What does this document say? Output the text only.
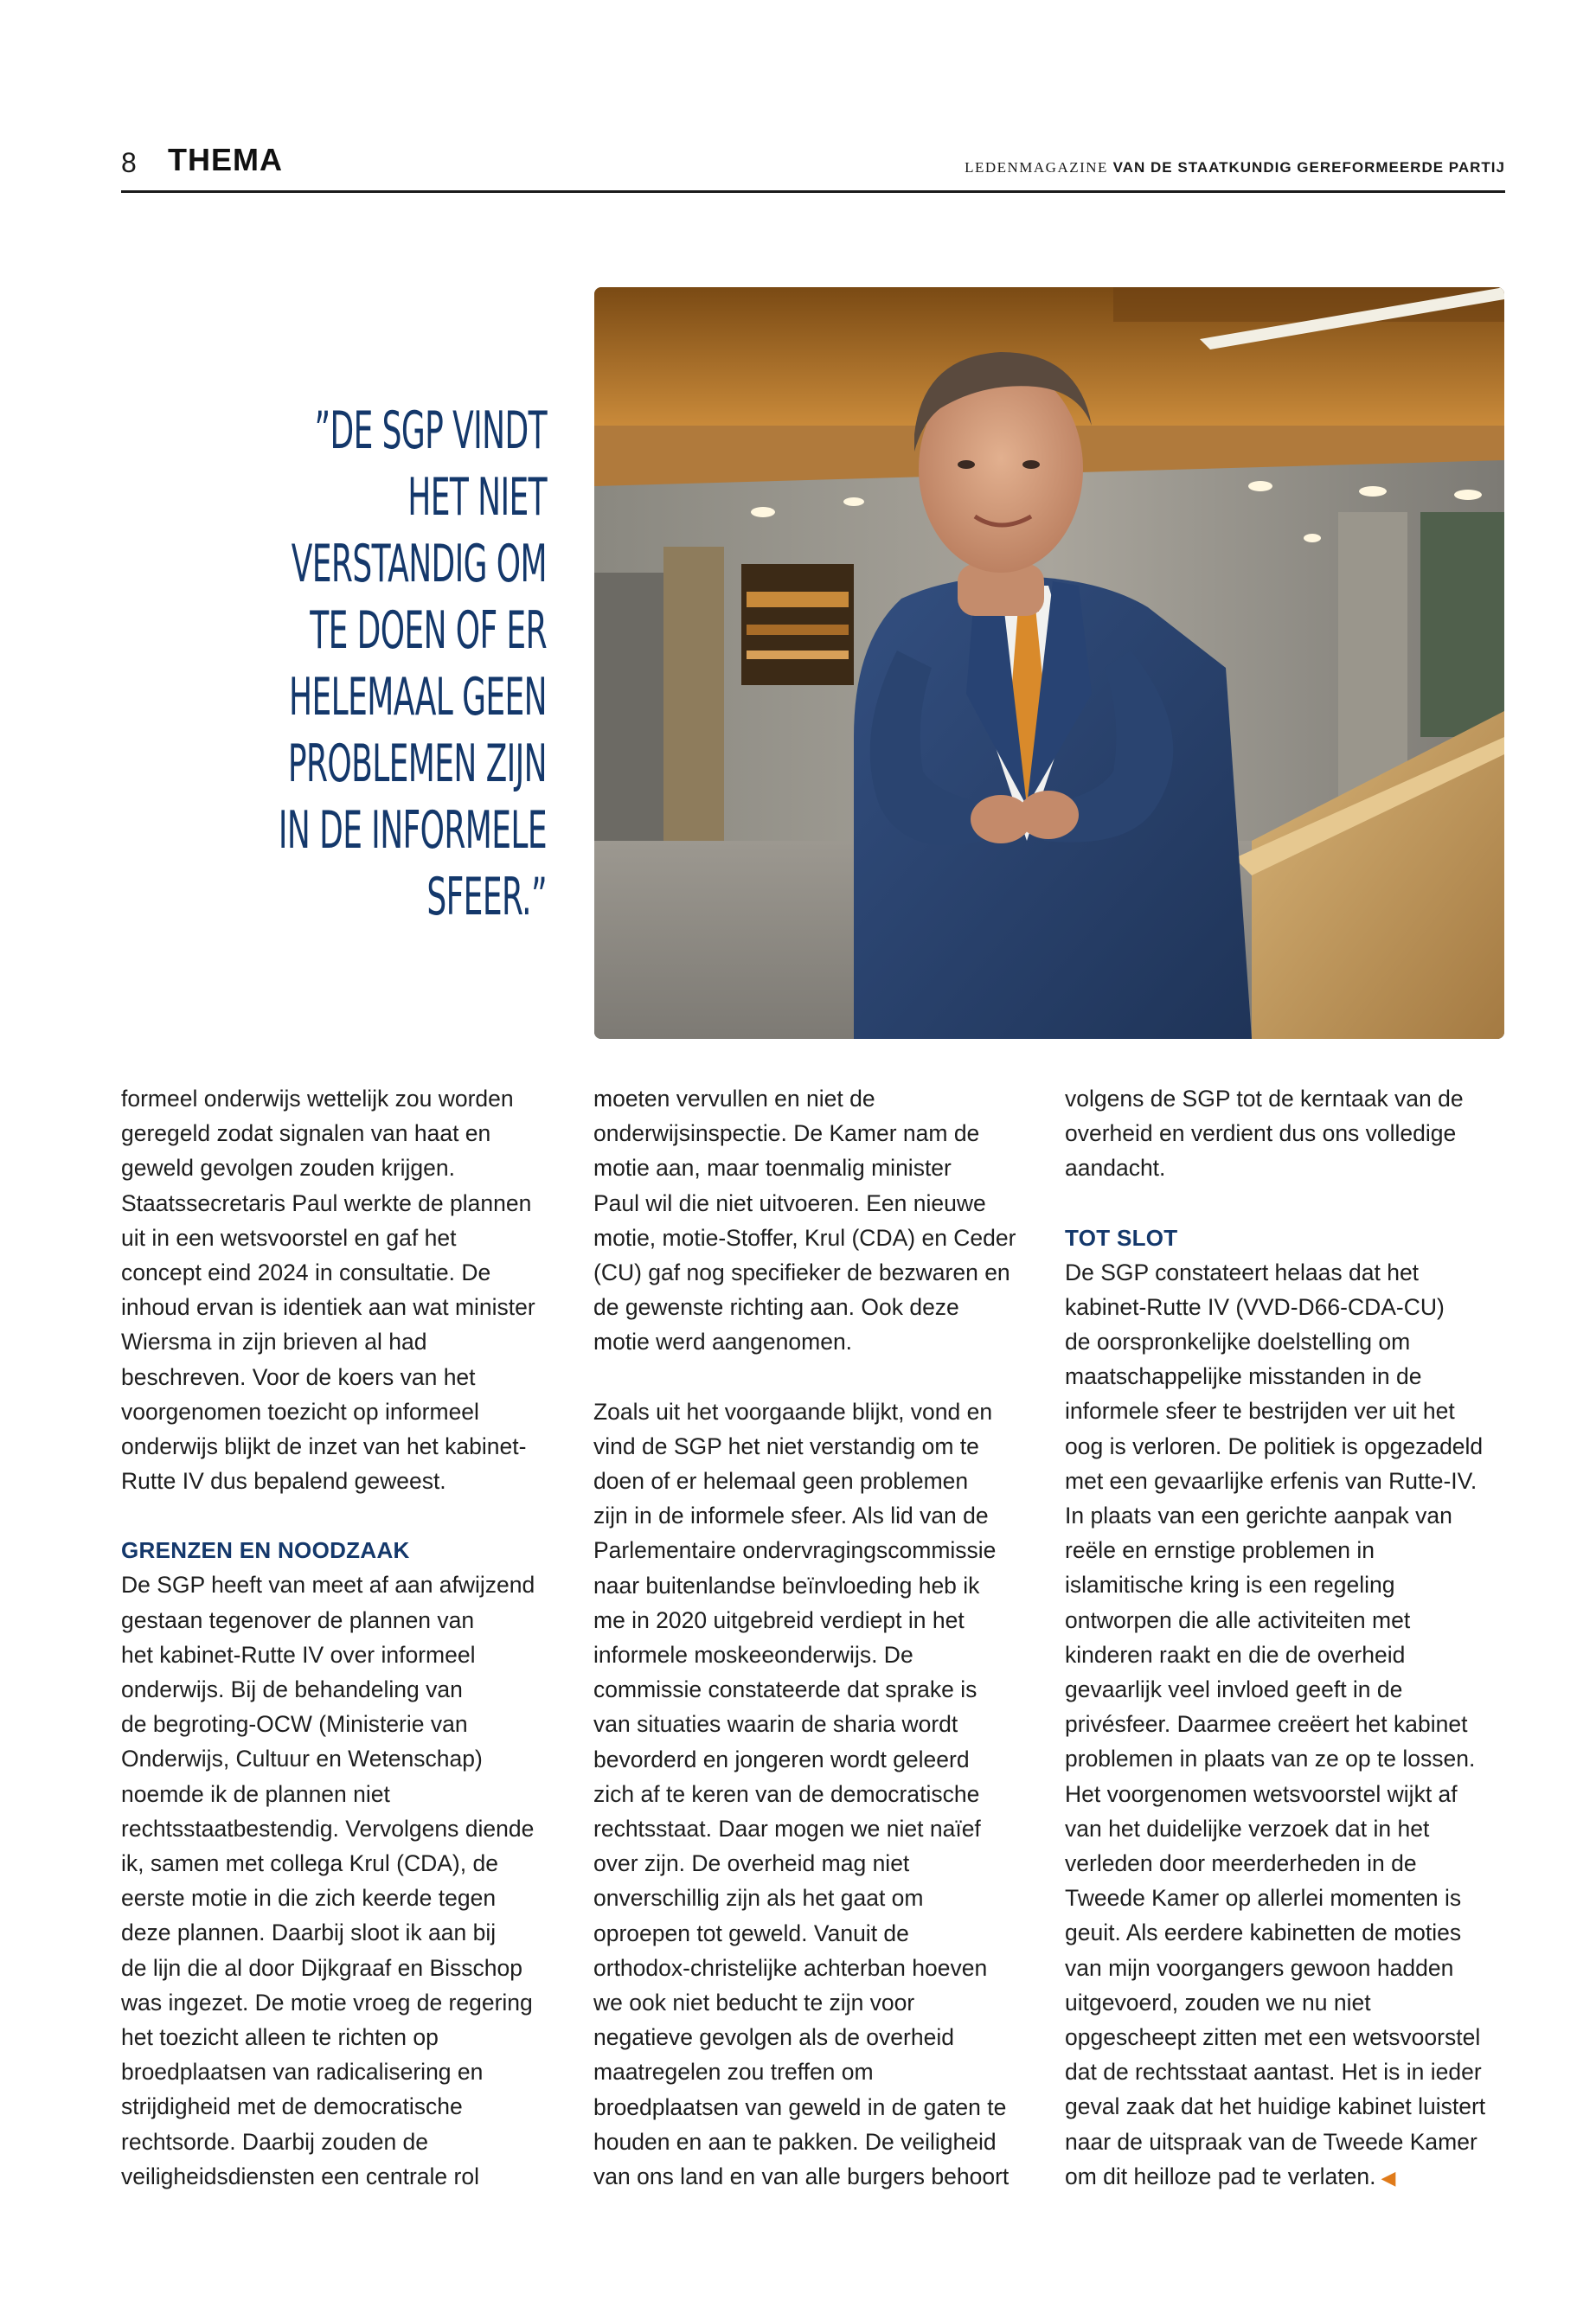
8 THEMA	LEDENMAGAZINE VAN DE STAATKUNDIG GEREFORMEERDE PARTIJ
”DE SGP VINDT
HET NIET
VERSTANDIG OM
TE DOEN OF ER
HELEMAAL GEEN
PROBLEMEN ZIJN
IN DE INFORMELE
SFEER.”

formeel onderwijs wettelijk zou worden

geregeld zodat signalen van haat en

geweld gevolgen zouden krijgen.

Staatssecretaris Paul werkte de plannen

uit in een wetsvoorstel en gaf het

concept eind 2024 in consultatie. De

inhoud ervan is identiek aan wat minister

Wiersma in zijn brieven al had

beschreven. Voor de koers van het

voorgenomen toezicht op informeel

onderwijs blijkt de inzet van het kabinet-

Rutte IV dus bepalend geweest.

GRENZEN EN NOODZAAK

De SGP heeft van meet af aan afwijzend

gestaan tegenover de plannen van

het kabinet-Rutte IV over informeel

onderwijs. Bij de behandeling van

de begroting-OCW (Ministerie van

Onderwijs, Cultuur en Wetenschap)

noemde ik de plannen niet

rechtsstaatbestendig. Vervolgens diende

ik, samen met collega Krul (CDA), de

eerste motie in die zich keerde tegen

deze plannen. Daarbij sloot ik aan bij

de lijn die al door Dijkgraaf en Bisschop

was ingezet. De motie vroeg de regering

het toezicht alleen te richten op

broedplaatsen van radicalisering en

strijdigheid met de democratische

rechtsorde. Daarbij zouden de

veiligheidsdiensten een centrale rol

moeten vervullen en niet de

onderwijsinspectie. De Kamer nam de

motie aan, maar toenmalig minister

Paul wil die niet uitvoeren. Een nieuwe

motie, motie-Stoffer, Krul (CDA) en Ceder

(CU) gaf nog specifieker de bezwaren en

de gewenste richting aan. Ook deze

motie werd aangenomen.

Zoals uit het voorgaande blijkt, vond en

vind de SGP het niet verstandig om te

doen of er helemaal geen problemen

zijn in de informele sfeer. Als lid van de

Parlementaire ondervragingscommissie

naar buitenlandse beïnvloeding heb ik

me in 2020 uitgebreid verdiept in het

informele moskeeonderwijs. De

commissie constateerde dat sprake is

van situaties waarin de sharia wordt

bevorderd en jongeren wordt geleerd

zich af te keren van de democratische

rechtsstaat. Daar mogen we niet naïef

over zijn. De overheid mag niet

onverschillig zijn als het gaat om

oproepen tot geweld. Vanuit de

orthodox-christelijke achterban hoeven

we ook niet beducht te zijn voor

negatieve gevolgen als de overheid

maatregelen zou treffen om

broedplaatsen van geweld in de gaten te

houden en aan te pakken. De veiligheid

van ons land en van alle burgers behoort

volgens de SGP tot de kerntaak van de

overheid en verdient dus ons volledige

aandacht.

TOT SLOT

De SGP constateert helaas dat het

kabinet-Rutte IV (VVD-D66-CDA-CU)

de oorspronkelijke doelstelling om

maatschappelijke misstanden in de

informele sfeer te bestrijden ver uit het

oog is verloren. De politiek is opgezadeld

met een gevaarlijke erfenis van Rutte-IV.

In plaats van een gerichte aanpak van

reële en ernstige problemen in

islamitische kring is een regeling

ontworpen die alle activiteiten met

kinderen raakt en die de overheid

gevaarlijk veel invloed geeft in de

privésfeer. Daarmee creëert het kabinet

problemen in plaats van ze op te lossen.

Het voorgenomen wetsvoorstel wijkt af

van het duidelijke verzoek dat in het

verleden door meerderheden in de

Tweede Kamer op allerlei momenten is

geuit. Als eerdere kabinetten de moties

van mijn voorgangers gewoon hadden

uitgevoerd, zouden we nu niet

opgescheept zitten met een wetsvoorstel

dat de rechtsstaat aantast. Het is in ieder

geval zaak dat het huidige kabinet luistert

naar de uitspraak van de Tweede Kamer

om dit heilloze pad te verlaten. ◀
